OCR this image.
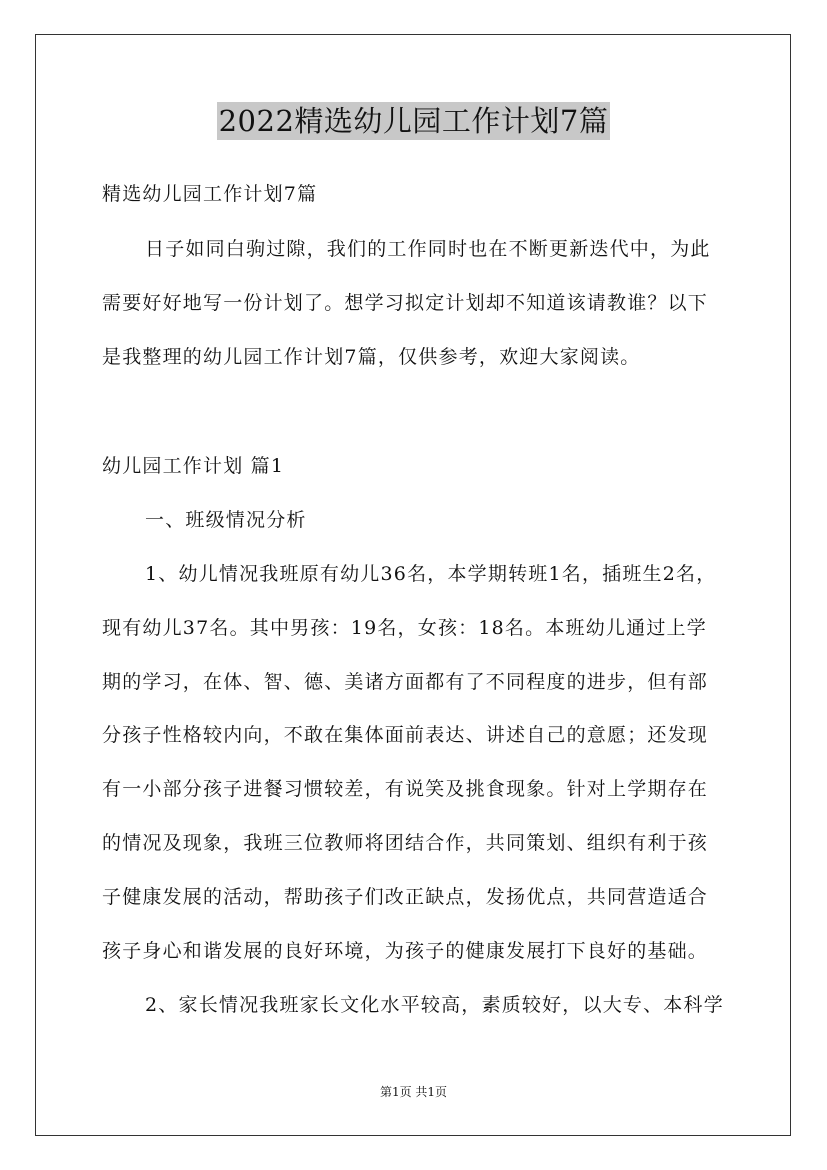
2022精选幼儿园工作计划7篇
精选幼儿园工作计划7篇
日子如同白驹过隙，我们的工作同时也在不断更新迭代中，为此
需要好好地写一份计划了。想学习拟定计划却不知道该请教谁？以下
是我整理的幼儿园工作计划7篇，仅供参考，欢迎大家阅读。
幼儿园工作计划 篇1
一、班级情况分析
1、幼儿情况我班原有幼儿36名，本学期转班1名，插班生2名，
现有幼儿37名。其中男孩：19名，女孩：18名。本班幼儿通过上学
期的学习，在体、智、德、美诸方面都有了不同程度的进步，但有部
分孩子性格较内向，不敢在集体面前表达、讲述自己的意愿；还发现
有一小部分孩子进餐习惯较差，有说笑及挑食现象。针对上学期存在
的情况及现象，我班三位教师将团结合作，共同策划、组织有利于孩
子健康发展的活动，帮助孩子们改正缺点，发扬优点，共同营造适合
孩子身心和谐发展的良好环境，为孩子的健康发展打下良好的基础。
2、家长情况我班家长文化水平较高，素质较好，以大专、本科学
第1页 共1页
